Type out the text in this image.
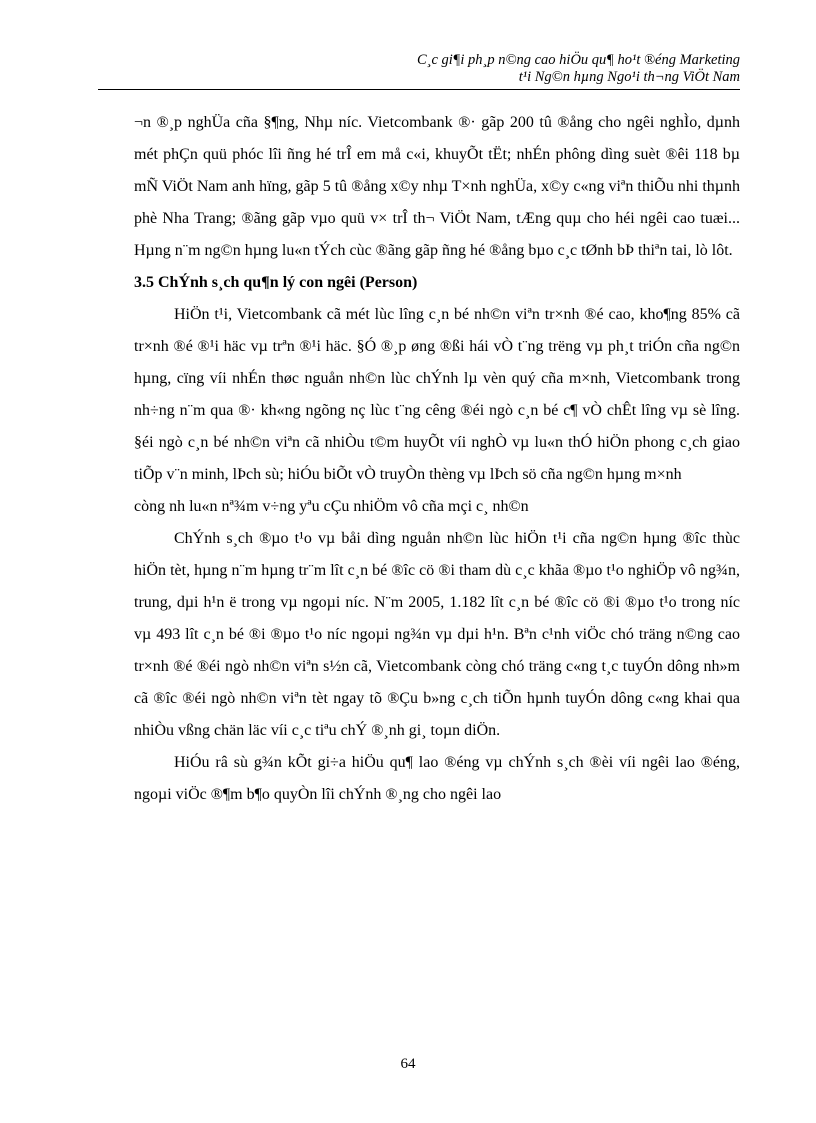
C¸c gi¶i ph¸p n©ng cao hiÖu qu¶ ho¹t ®éng Marketing
t¹i Ng©n hµng Ngo¹i th¬ng ViÖt Nam

¬n ®¸p nghÜa cña §¶ng, Nhµ níc. Vietcombank ®· gãp 200 tû ®ång cho ngêi nghÌo, dµnh mét phÇn quü phóc lîi ñng hé trÎ em må c«i, khuyÕt tËt; nhÉn phông dìng suèt ®êi 118 bµ mÑ ViÖt Nam anh hïng, gãp 5 tû ®ång x©y nhµ T×nh nghÜa, x©y c«ng viªn thiÕu nhi thµnh phè Nha Trang; ®ãng gãp vµo quü v× trÎ th¬ ViÖt Nam, tÆng quµ cho héi ngêi cao tuæi... Hµng n¨m ng©n hµng lu«n tÝch cùc ®ãng gãp ñng hé ®ång bµo c¸c tØnh bÞ thiªn tai, lò lôt.

3.5 ChÝnh s¸ch qu¶n lý con ngêi (Person)

HiÖn t¹i, Vietcombank cã mét lùc lîng c¸n bé nh©n viªn tr×nh ®é cao, kho¶ng 85% cã tr×nh ®é ®¹i häc vµ trªn ®¹i häc. §Ó ®¸p øng ®ßi hái vÒ t¨ng trëng vµ ph¸t triÓn cña ng©n hµng, cïng víi nhÉn thøc nguån nh©n lùc chÝnh lµ vèn quý cña m×nh, Vietcombank trong nh÷ng n¨m qua ®· kh«ng ngõng nç lùc t¨ng cêng ®éi ngò c¸n bé c¶ vÒ chÊt lîng vµ sè lîng. §éi ngò c¸n bé nh©n viªn cã nhiÒu t©m huyÕt víi nghÒ vµ lu«n thÓ hiÖn phong c¸ch giao tiÕp v¨n minh, lÞch sù; hiÓu biÕt vÒ truyÒn thèng vµ lÞch sö cña ng©n hµng m×nh

còng nh lu«n nª¾m v÷ng yªu cÇu nhiÖm vô cña mçi c¸ nh©n

ChÝnh s¸ch ®µo t¹o vµ båi dìng nguån nh©n lùc hiÖn t¹i cña ng©n hµng ®îc thùc hiÖn tèt, hµng n¨m hµng tr¨m lît c¸n bé ®îc cö ®i tham dù c¸c khãa ®µo t¹o nghiÖp vô ng¾n, trung, dµi h¹n ë trong vµ ngoµi níc. N¨m 2005, 1.182 lît c¸n bé ®îc cö ®i ®µo t¹o trong níc vµ 493 lît c¸n bé ®i ®µo t¹o níc ngoµi ng¾n vµ dµi h¹n. Bªn c¹nh viÖc chó träng n©ng cao tr×nh ®é ®éi ngò nh©n viªn s½n cã, Vietcombank còng chó träng c«ng t¸c tuyÓn dông nh»m cã ®îc ®éi ngò nh©n viªn tèt ngay tõ ®Çu b»ng c¸ch tiÕn hµnh tuyÓn dông c«ng khai qua nhiÒu vßng chän läc víi c¸c tiªu chÝ ®¸nh gi¸ toµn diÖn.

HiÓu râ sù g¾n kÕt gi÷a hiÖu qu¶ lao ®éng vµ chÝnh s¸ch ®èi víi ngêi lao ®éng, ngoµi viÖc ®¶m b¶o quyÒn lîi chÝnh ®¸ng cho ngêi lao

64
